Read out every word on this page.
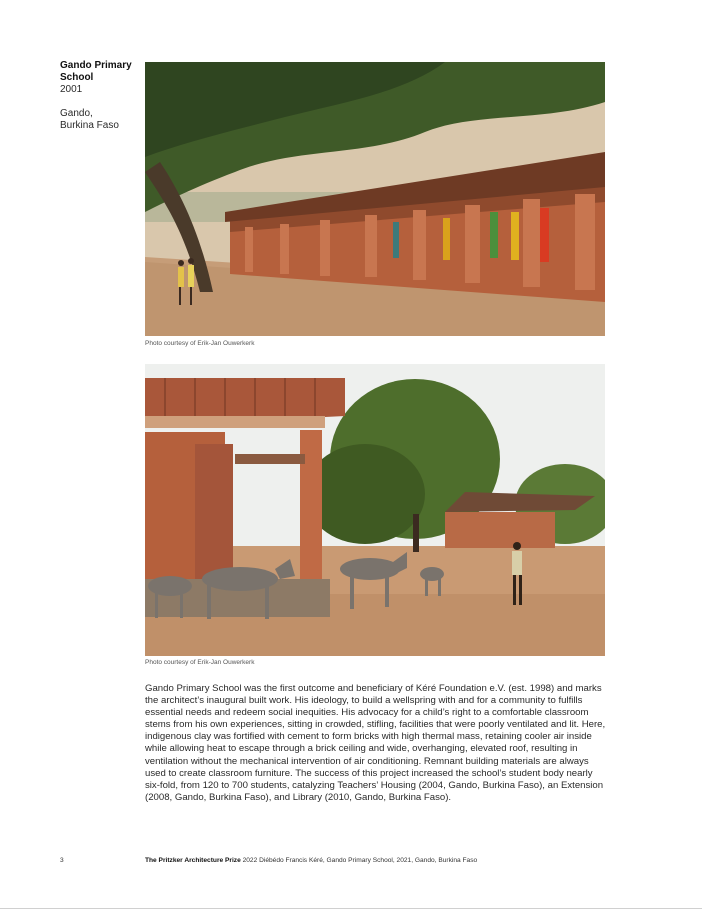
Gando Primary School
2001
Gando,
Burkina Faso
Photo courtesy of Erik-Jan Ouwerkerk
Photo courtesy of Erik-Jan Ouwerkerk
Gando Primary School was the first outcome and beneficiary of Kéré Foundation e.V. (est. 1998) and marks the architect’s inaugural built work. His ideology, to build a wellspring with and for a community to fulfills essential needs and redeem social inequities. His advocacy for a child’s right to a comfortable classroom stems from his own experiences, sitting in crowded, stifling, facilities that were poorly ventilated and lit. Here, indigenous clay was fortified with cement to form bricks with high thermal mass, retaining cooler air inside while allowing heat to escape through a brick ceiling and wide, overhanging, elevated roof, resulting in ventilation without the mechanical intervention of air conditioning. Remnant building materials are always used to create classroom furniture. The success of this project increased the school’s student body nearly six-fold, from 120 to 700 students, catalyzing Teachers’ Housing (2004, Gando, Burkina Faso), an Extension (2008, Gando, Burkina Faso), and Library (2010, Gando, Burkina Faso).
3	The Pritzker Architecture Prize 2022 Diébédo Francis Kéré, Gando Primary School, 2021, Gando, Burkina Faso
